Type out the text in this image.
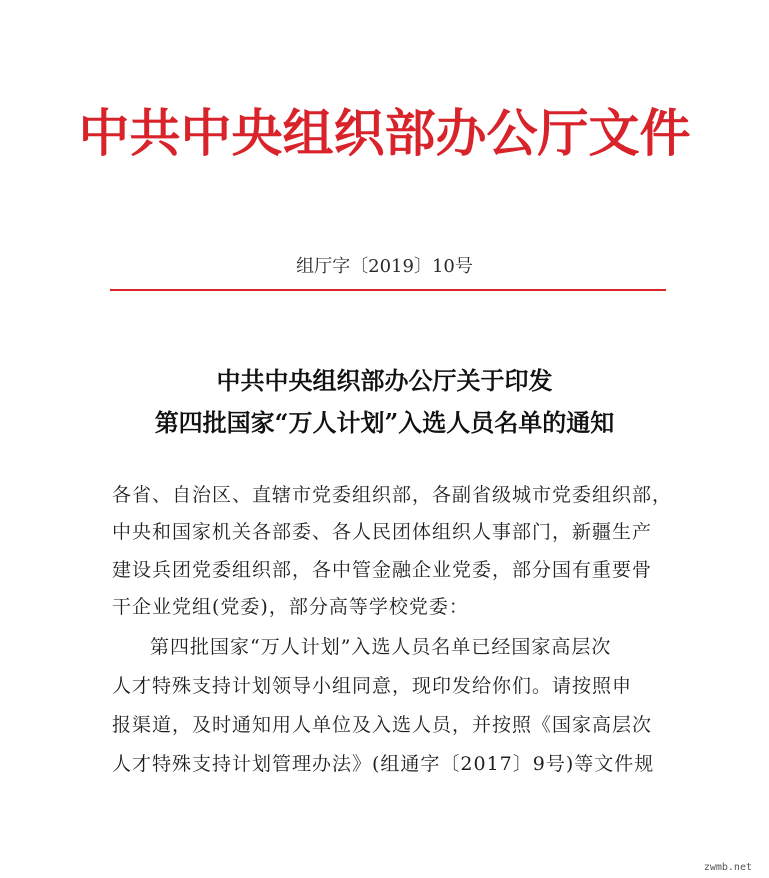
中共中央组织部办公厅文件
组厅字〔2019〕10号
中共中央组织部办公厅关于印发
第四批国家“万人计划”入选人员名单的通知
各省、自治区、直辖市党委组织部，各副省级城市党委组织部，
中央和国家机关各部委、各人民团体组织人事部门，新疆生产
建设兵团党委组织部，各中管金融企业党委，部分国有重要骨
干企业党组(党委)，部分高等学校党委：
第四批国家“万人计划”入选人员名单已经国家高层次
人才特殊支持计划领导小组同意，现印发给你们。请按照申
报渠道，及时通知用人单位及入选人员，并按照《国家高层次
人才特殊支持计划管理办法》(组通字〔2017〕9号)等文件规
zwmb.net
